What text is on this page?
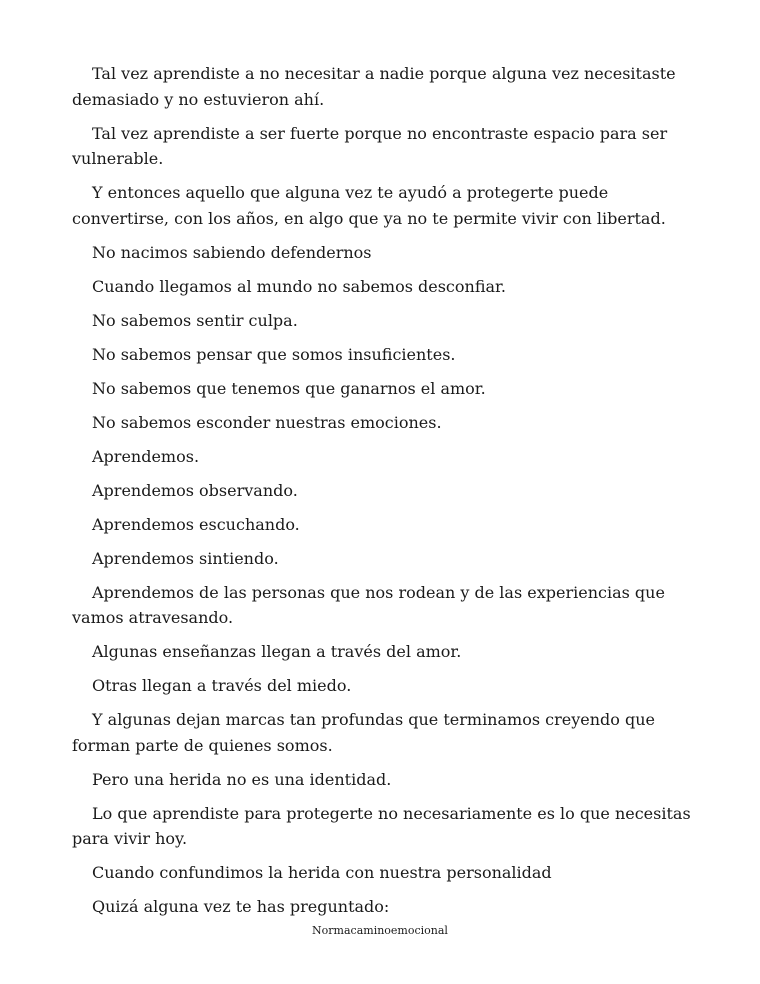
Tal vez aprendiste a no necesitar a nadie porque alguna vez necesitaste demasiado y no estuvieron ahí.

Tal vez aprendiste a ser fuerte porque no encontraste espacio para ser vulnerable.

Y entonces aquello que alguna vez te ayudó a protegerte puede convertirse, con los años, en algo que ya no te permite vivir con libertad.

No nacimos sabiendo defendernos

Cuando llegamos al mundo no sabemos desconfiar.

No sabemos sentir culpa.

No sabemos pensar que somos insuficientes.

No sabemos que tenemos que ganarnos el amor.

No sabemos esconder nuestras emociones.

Aprendemos.

Aprendemos observando.

Aprendemos escuchando.

Aprendemos sintiendo.

Aprendemos de las personas que nos rodean y de las experiencias que vamos atravesando.

Algunas enseñanzas llegan a través del amor.

Otras llegan a través del miedo.

Y algunas dejan marcas tan profundas que terminamos creyendo que forman parte de quienes somos.

Pero una herida no es una identidad.

Lo que aprendiste para protegerte no necesariamente es lo que necesitas para vivir hoy.

Cuando confundimos la herida con nuestra personalidad

Quizá alguna vez te has preguntado:

Normacaminoemocional
